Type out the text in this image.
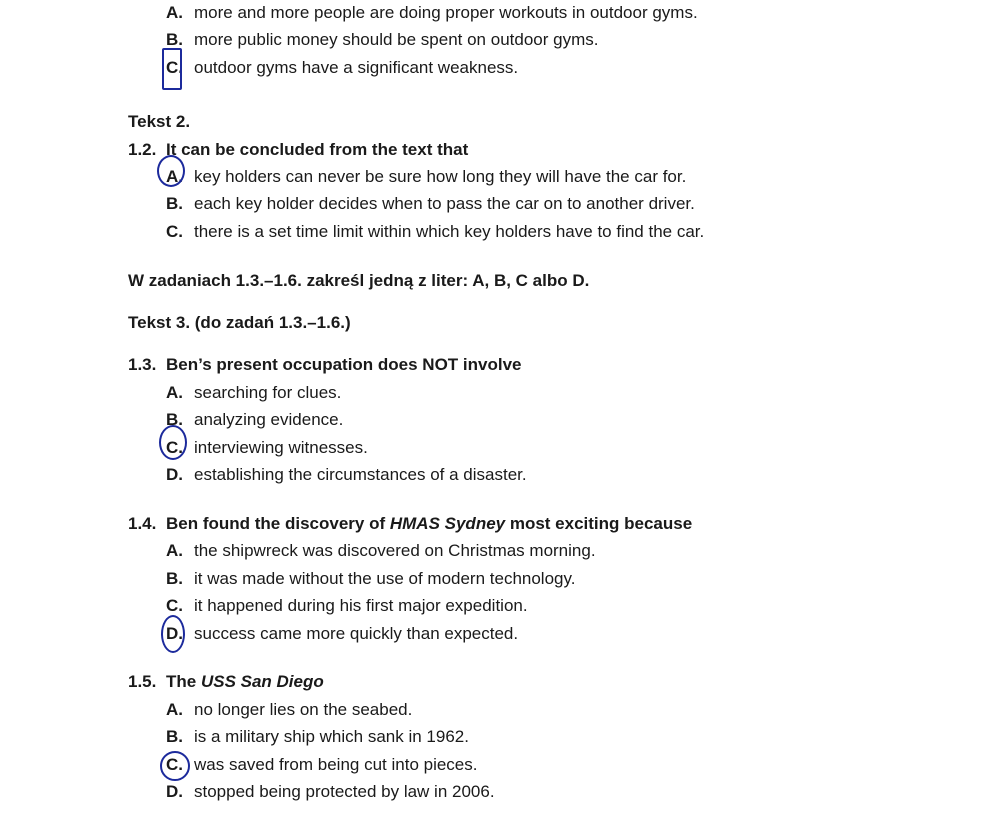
A. more and more people are doing proper workouts in outdoor gyms.
B. more public money should be spent on outdoor gyms.
C. outdoor gyms have a significant weakness.
Tekst 2.
1.2. It can be concluded from the text that
A. key holders can never be sure how long they will have the car for.
B. each key holder decides when to pass the car on to another driver.
C. there is a set time limit within which key holders have to find the car.
W zadaniach 1.3.–1.6. zakreśl jedną z liter: A, B, C albo D.
Tekst 3. (do zadań 1.3.–1.6.)
1.3. Ben’s present occupation does NOT involve
A. searching for clues.
B. analyzing evidence.
C. interviewing witnesses.
D. establishing the circumstances of a disaster.
1.4. Ben found the discovery of HMAS Sydney most exciting because
A. the shipwreck was discovered on Christmas morning.
B. it was made without the use of modern technology.
C. it happened during his first major expedition.
D. success came more quickly than expected.
1.5. The USS San Diego
A. no longer lies on the seabed.
B. is a military ship which sank in 1962.
C. was saved from being cut into pieces.
D. stopped being protected by law in 2006.
